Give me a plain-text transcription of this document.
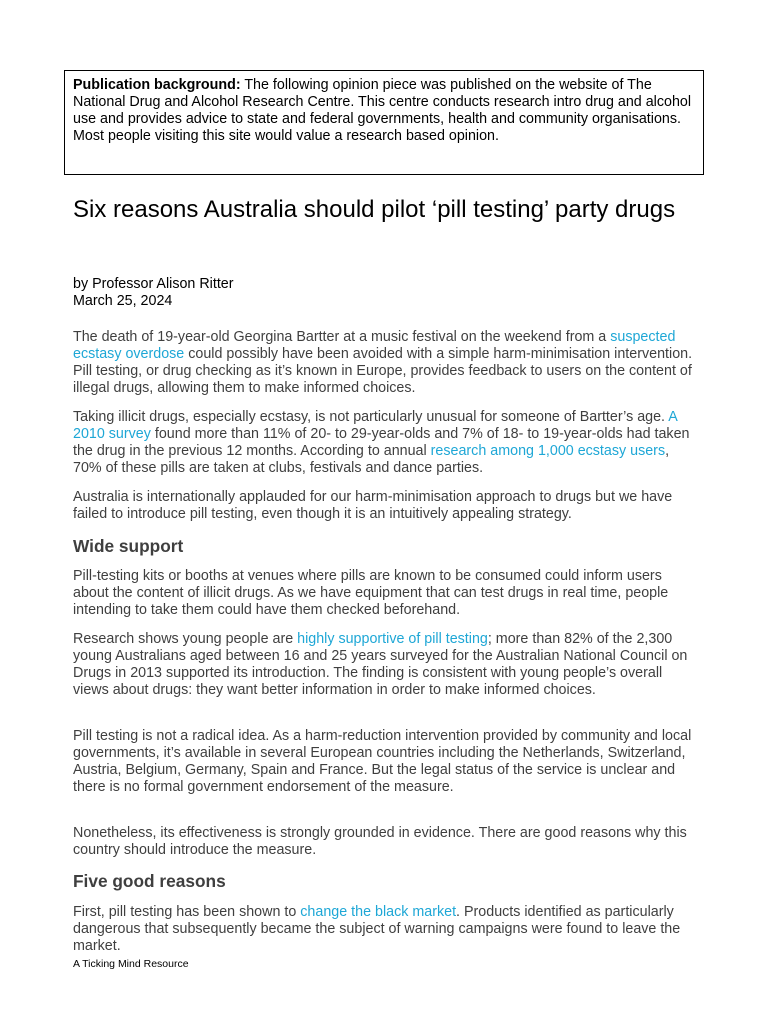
Publication background: The following opinion piece was published on the website of The National Drug and Alcohol Research Centre. This centre conducts research intro drug and alcohol use and provides advice to state and federal governments, health and community organisations. Most people visiting this site would value a research based opinion.
Six reasons Australia should pilot ‘pill testing’ party drugs
by Professor Alison Ritter
March 25, 2024
The death of 19-year-old Georgina Bartter at a music festival on the weekend from a suspected ecstasy overdose could possibly have been avoided with a simple harm-minimisation intervention. Pill testing, or drug checking as it’s known in Europe, provides feedback to users on the content of illegal drugs, allowing them to make informed choices.
Taking illicit drugs, especially ecstasy, is not particularly unusual for someone of Bartter’s age. A 2010 survey found more than 11% of 20- to 29-year-olds and 7% of 18- to 19-year-olds had taken the drug in the previous 12 months. According to annual research among 1,000 ecstasy users, 70% of these pills are taken at clubs, festivals and dance parties.
Australia is internationally applauded for our harm-minimisation approach to drugs but we have failed to introduce pill testing, even though it is an intuitively appealing strategy.
Wide support
Pill-testing kits or booths at venues where pills are known to be consumed could inform users about the content of illicit drugs. As we have equipment that can test drugs in real time, people intending to take them could have them checked beforehand.
Research shows young people are highly supportive of pill testing; more than 82% of the 2,300 young Australians aged between 16 and 25 years surveyed for the Australian National Council on Drugs in 2013 supported its introduction. The finding is consistent with young people’s overall views about drugs: they want better information in order to make informed choices.
Pill testing is not a radical idea. As a harm-reduction intervention provided by community and local governments, it’s available in several European countries including the Netherlands, Switzerland, Austria, Belgium, Germany, Spain and France. But the legal status of the service is unclear and there is no formal government endorsement of the measure.
Nonetheless, its effectiveness is strongly grounded in evidence. There are good reasons why this country should introduce the measure.
Five good reasons
First, pill testing has been shown to change the black market. Products identified as particularly dangerous that subsequently became the subject of warning campaigns were found to leave the market.
A Ticking Mind Resource
